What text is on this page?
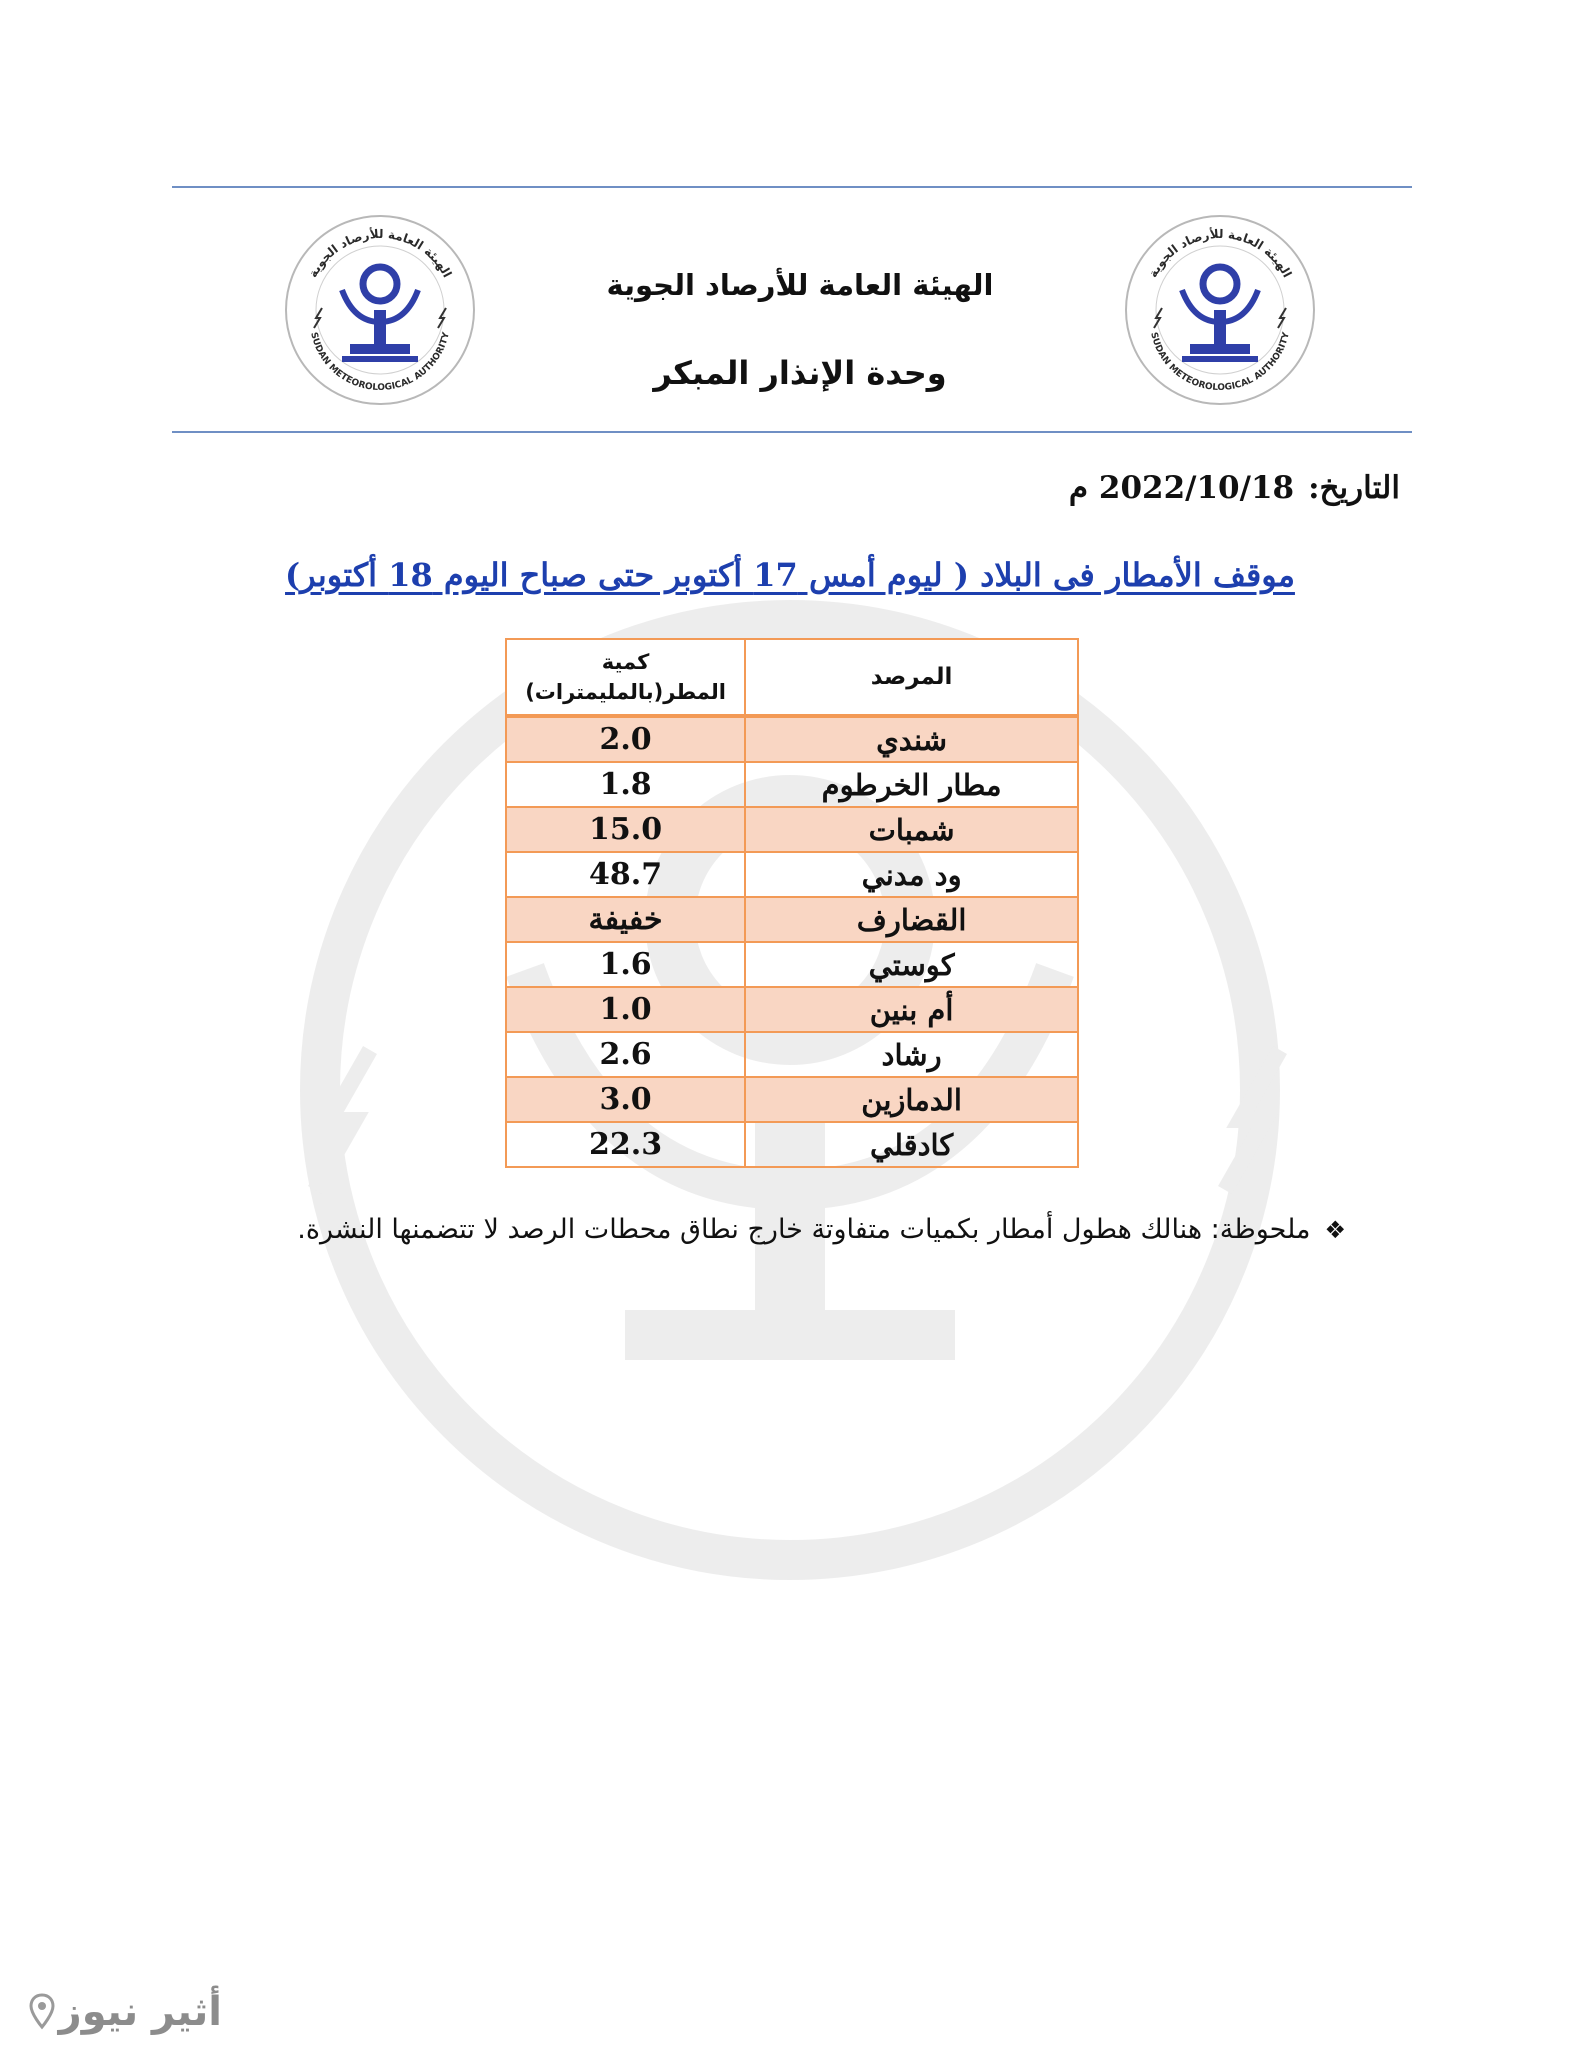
الهيئة العامة للأرصاد الجوية
SUDAN METEOROLOGICAL AUTHORITY
الهيئة العامة للأرصاد الجوية
وحدة الإنذار المبكر
الهيئة العامة للأرصاد الجوية
SUDAN METEOROLOGICAL AUTHORITY
التاريخ:2022/10/18 م
موقف الأمطار فى البلاد ( ليوم أمس 17 أكتوبر حتى صباح اليوم 18 أكتوبر)
المرصد	كمية
المطر(بالمليمترات)

شندي	2.0
مطار الخرطوم	1.8
شمبات	15.0
ود مدني	48.7
القضارف	خفيفة
كوستي	1.6
أم بنين	1.0
رشاد	2.6
الدمازين	3.0
كادقلي	22.3
❖ملحوظة: هنالك هطول أمطار بكميات متفاوتة خارج نطاق محطات الرصد لا تتضمنها النشرة.
أثير نيوز
